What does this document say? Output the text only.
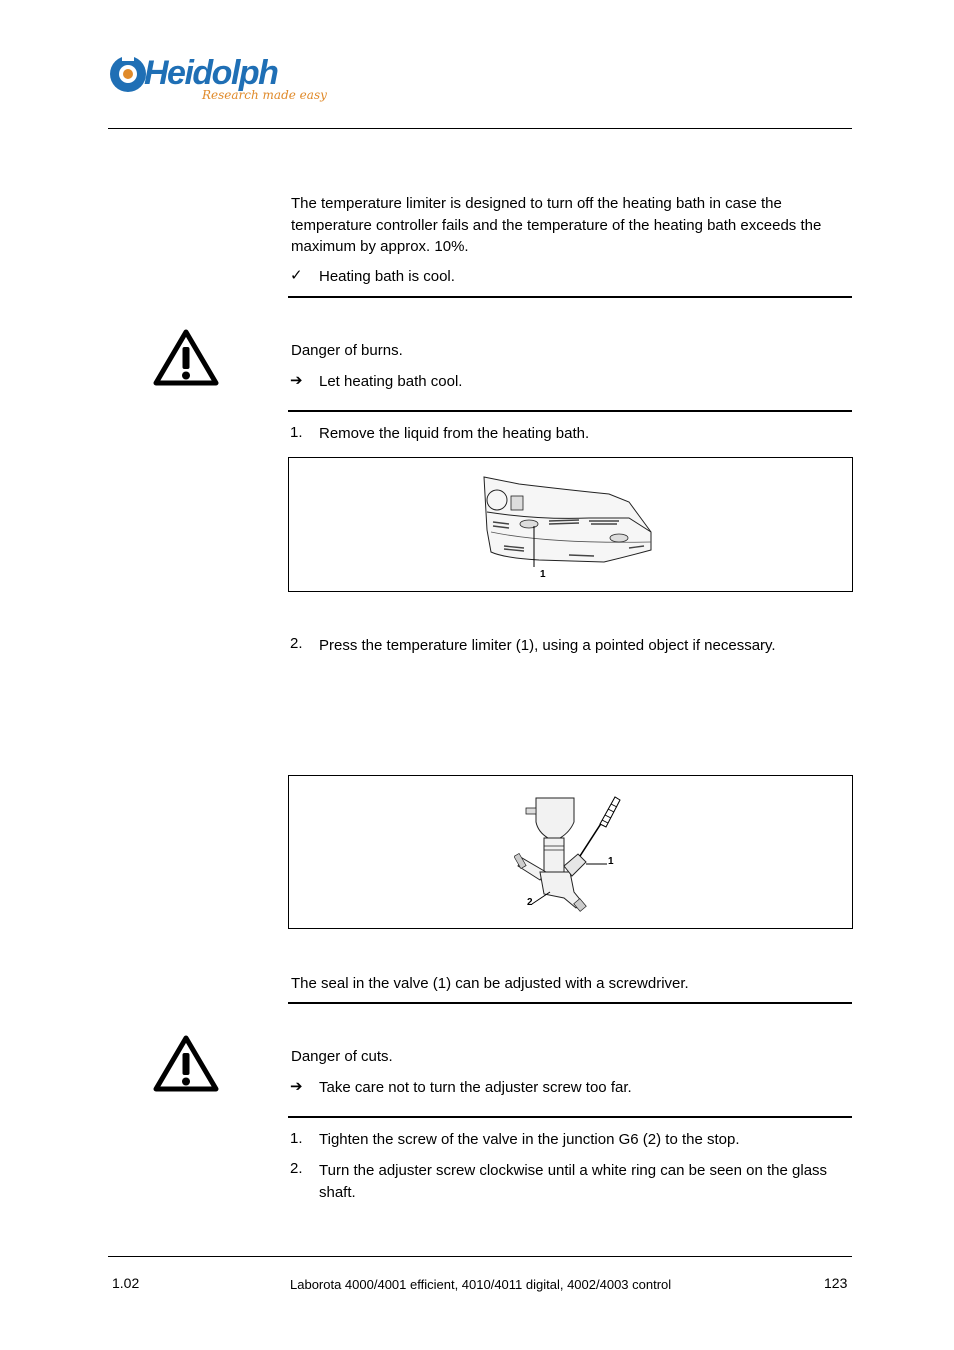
Heidolph
Research made easy
The temperature limiter is designed to turn off the heating bath in case the temperature controller fails and the temperature of the heating bath exceeds the maximum by approx. 10%.
✓ Heating bath is cool.
Danger of burns.
➔ Let heating bath cool.
1. Remove the liquid from the heating bath.
1
2. Press the temperature limiter (1), using a pointed object if necessary.
1
2
The seal in the valve (1) can be adjusted with a screwdriver.
Danger of cuts.
➔ Take care not to turn the adjuster screw too far.
1. Tighten the screw of the valve in the junction G6 (2) to the stop.
2. Turn the adjuster screw clockwise until a white ring can be seen on the glass shaft.
1.02	Laborota 4000/4001 efficient, 4010/4011 digital, 4002/4003 control	123
